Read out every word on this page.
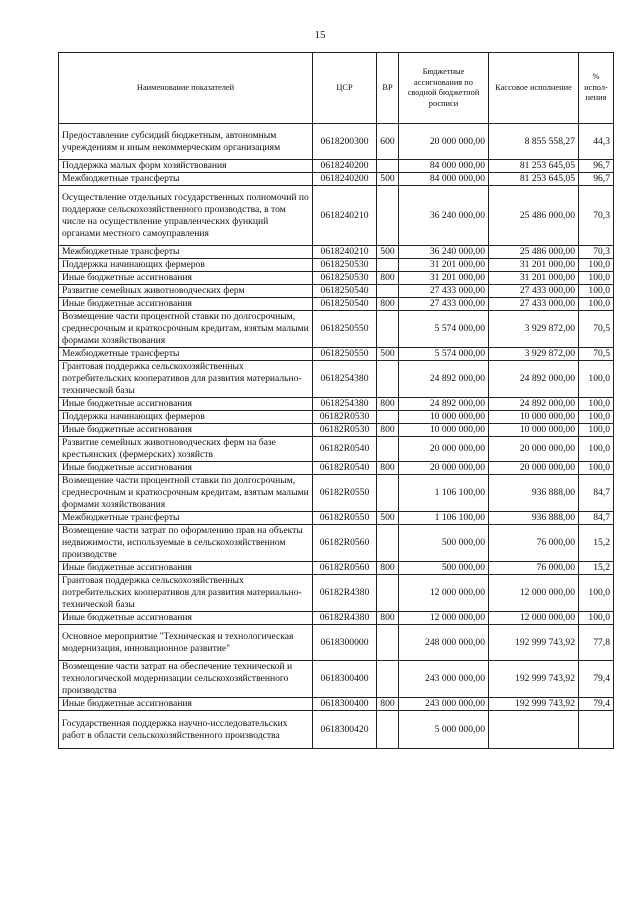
15
Наименование показателей	ЦСР	ВР	Бюджетные ассигнования по сводной бюджетной росписи	Кассовое исполнение	% испол-нения
Предоставление субсидий бюджетным, автономным учреждениям и иным некоммерческим организациям	0618200300	600	20 000 000,00	8 855 558,27	44,3
Поддержка малых форм хозяйствования	0618240200		84 000 000,00	81 253 645,05	96,7
Межбюджетные трансферты	0618240200	500	84 000 000,00	81 253 645,05	96,7
Осуществление отдельных государственных полномочий по поддержке сельскохозяйственного производства, в том числе на осуществление управленческих функций органами местного самоуправления	0618240210		36 240 000,00	25 486 000,00	70,3
Межбюджетные трансферты	0618240210	500	36 240 000,00	25 486 000,00	70,3
Поддержка начинающих фермеров	0618250530		31 201 000,00	31 201 000,00	100,0
Иные бюджетные ассигнования	0618250530	800	31 201 000,00	31 201 000,00	100,0
Развитие семейных животноводческих ферм	0618250540		27 433 000,00	27 433 000,00	100,0
Иные бюджетные ассигнования	0618250540	800	27 433 000,00	27 433 000,00	100,0
Возмещение части процентной ставки по долгосрочным, среднесрочным и краткосрочным кредитам, взятым малыми формами хозяйствования	0618250550		5 574 000,00	3 929 872,00	70,5
Межбюджетные трансферты	0618250550	500	5 574 000,00	3 929 872,00	70,5
Грантовая поддержка сельскохозяйственных потребительских кооперативов для развития материально-технической базы	0618254380		24 892 000,00	24 892 000,00	100,0
Иные бюджетные ассигнования	0618254380	800	24 892 000,00	24 892 000,00	100,0
Поддержка начинающих фермеров	06182R0530		10 000 000,00	10 000 000,00	100,0
Иные бюджетные ассигнования	06182R0530	800	10 000 000,00	10 000 000,00	100,0
Развитие семейных животноводческих ферм на базе крестьянских (фермерских) хозяйств	06182R0540		20 000 000,00	20 000 000,00	100,0
Иные бюджетные ассигнования	06182R0540	800	20 000 000,00	20 000 000,00	100,0
Возмещение части процентной ставки по долгосрочным, среднесрочным и краткосрочным кредитам, взятым малыми формами хозяйствования	06182R0550		1 106 100,00	936 888,00	84,7
Межбюджетные трансферты	06182R0550	500	1 106 100,00	936 888,00	84,7
Возмещение части затрат по оформлению прав на объекты недвижимости, используемые в сельскохозяйственном производстве	06182R0560		500 000,00	76 000,00	15,2
Иные бюджетные ассигнования	06182R0560	800	500 000,00	76 000,00	15,2
Грантовая поддержка сельскохозяйственных потребительских кооперативов для развития материально-технической базы	06182R4380		12 000 000,00	12 000 000,00	100,0
Иные бюджетные ассигнования	06182R4380	800	12 000 000,00	12 000 000,00	100,0
Основное мероприятие "Техническая и технологическая модернизация, инновационное развитие"	0618300000		248 000 000,00	192 999 743,92	77,8
Возмещение части затрат на обеспечение технической и технологической модернизации сельскохозяйственного производства	0618300400		243 000 000,00	192 999 743,92	79,4
Иные бюджетные ассигнования	0618300400	800	243 000 000,00	192 999 743,92	79,4
Государственная поддержка научно-исследовательских работ в области сельскохозяйственного производства	0618300420		5 000 000,00		
